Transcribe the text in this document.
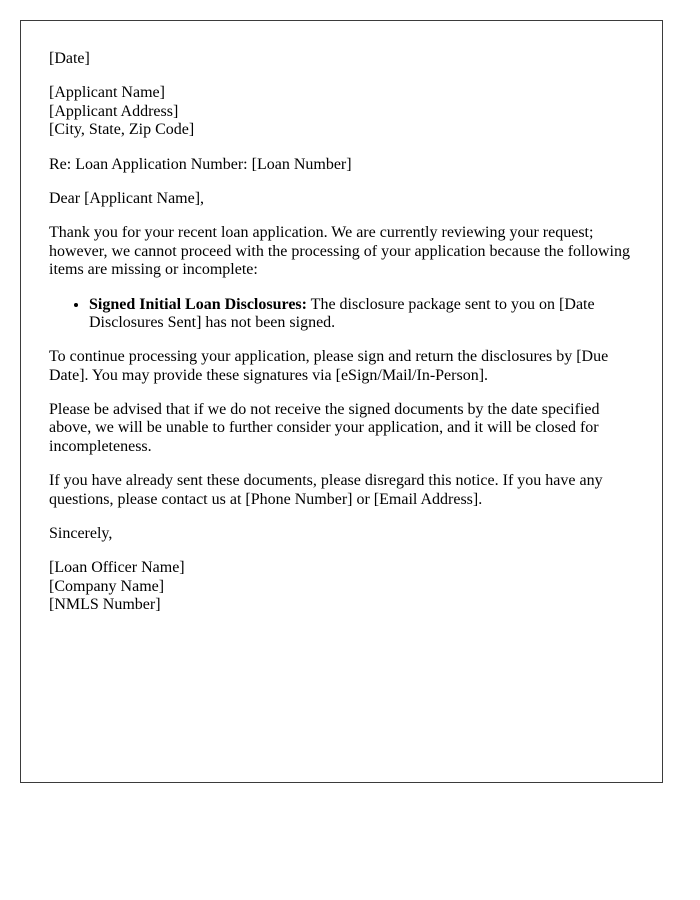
[Date]

[Applicant Name]
[Applicant Address]
[City, State, Zip Code]

Re: Loan Application Number: [Loan Number]

Dear [Applicant Name],

Thank you for your recent loan application. We are currently reviewing your request; however, we cannot proceed with the processing of your application because the following items are missing or incomplete:

• Signed Initial Loan Disclosures: The disclosure package sent to you on [Date Disclosures Sent] has not been signed.

To continue processing your application, please sign and return the disclosures by [Due Date]. You may provide these signatures via [eSign/Mail/In-Person].

Please be advised that if we do not receive the signed documents by the date specified above, we will be unable to further consider your application, and it will be closed for incompleteness.

If you have already sent these documents, please disregard this notice. If you have any questions, please contact us at [Phone Number] or [Email Address].

Sincerely,

[Loan Officer Name]
[Company Name]
[NMLS Number]
